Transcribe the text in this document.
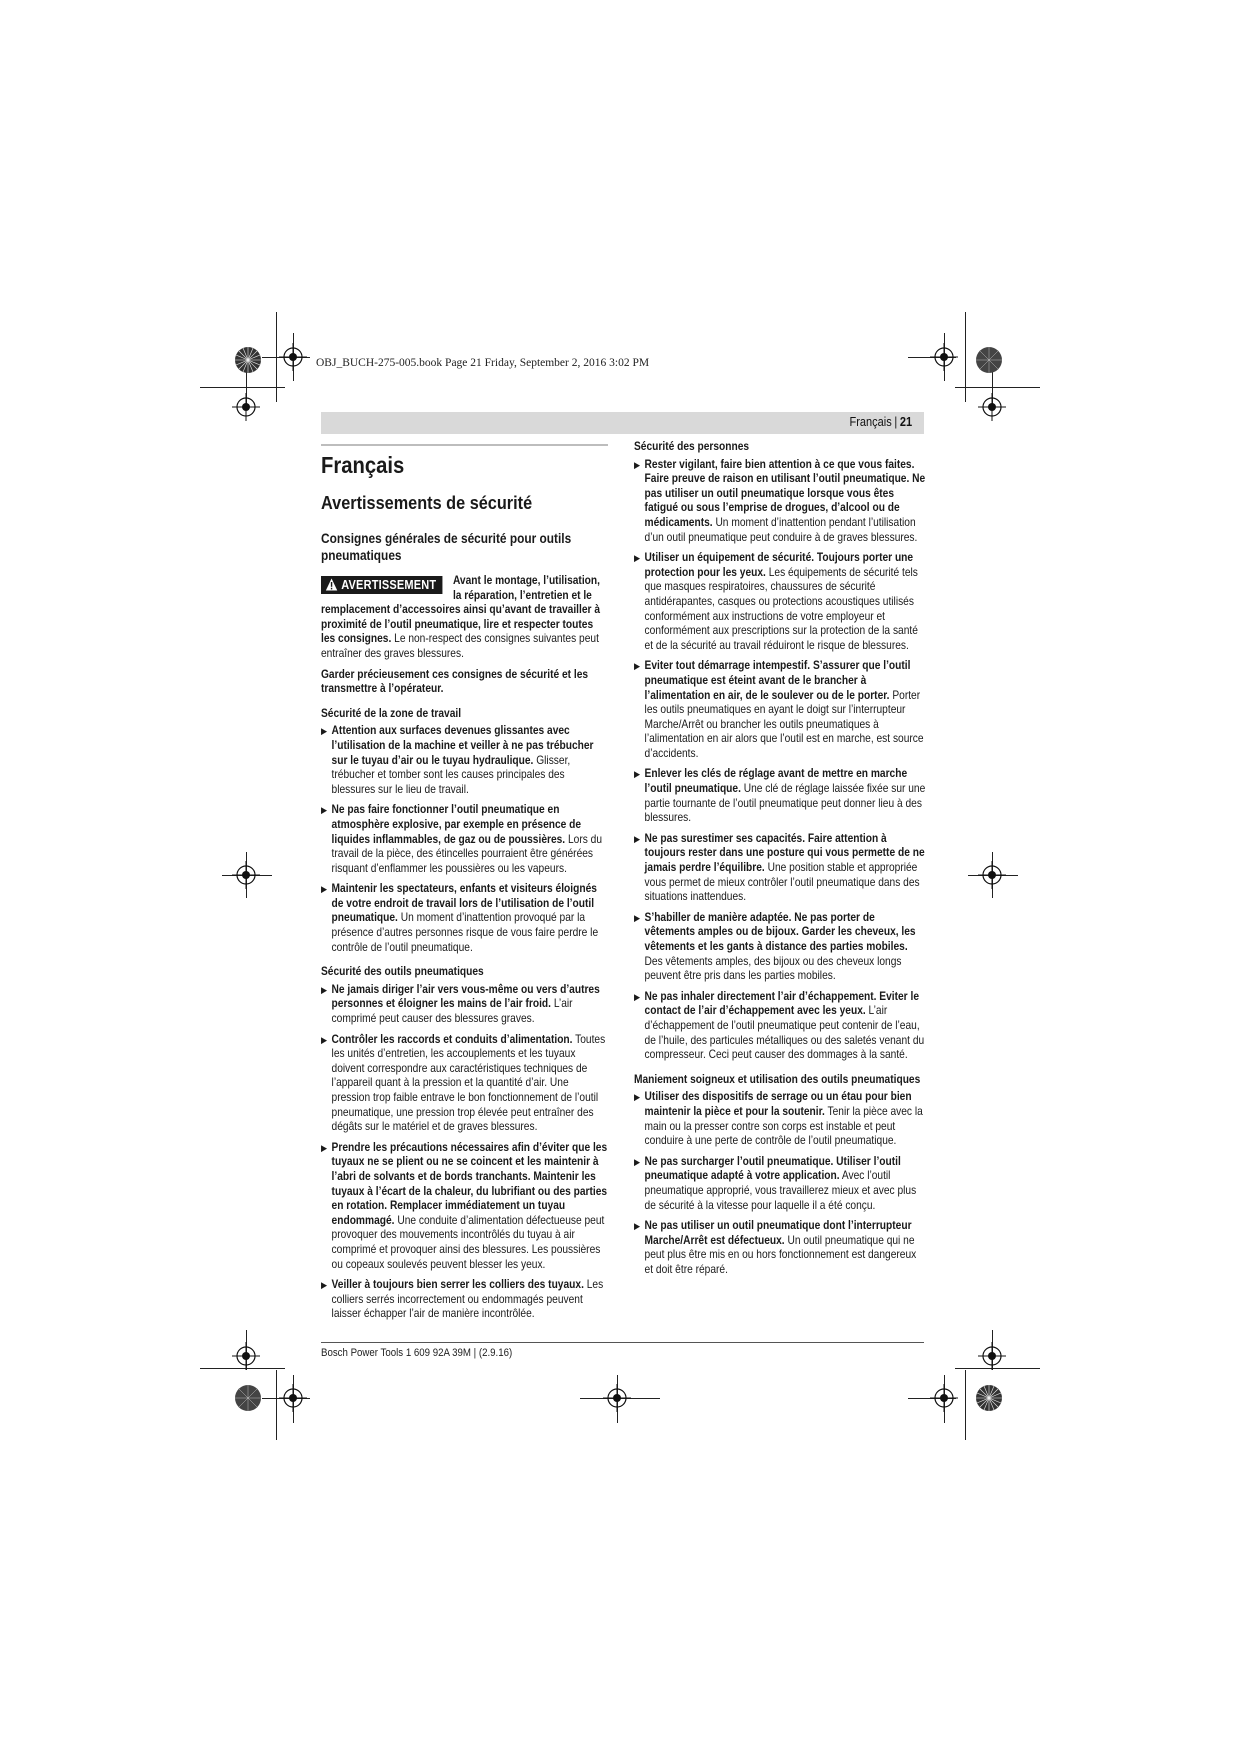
OBJ_BUCH-275-005.book Page 21 Friday, September 2, 2016 3:02 PM
Français | 21
Français
Avertissements de sécurité
Consignes générales de sécurité pour outils pneumatiques
AVERTISSEMENT	Avant le montage, l’utilisation, la réparation, l’entretien et le remplacement d’accessoires ainsi qu’avant de travailler à proximité de l’outil pneumatique, lire et respecter toutes les consignes. Le non-respect des consignes suivantes peut entraîner des graves blessures.
Garder précieusement ces consignes de sécurité et les transmettre à l’opérateur.
Sécurité de la zone de travail
▶ Attention aux surfaces devenues glissantes avec l’utilisation de la machine et veiller à ne pas trébucher sur le tuyau d’air ou le tuyau hydraulique. Glisser, trébucher et tomber sont les causes principales des blessures sur le lieu de travail.
▶ Ne pas faire fonctionner l’outil pneumatique en atmosphère explosive, par exemple en présence de liquides inflammables, de gaz ou de poussières. Lors du travail de la pièce, des étincelles pourraient être générées risquant d’enflammer les poussières ou les vapeurs.
▶ Maintenir les spectateurs, enfants et visiteurs éloignés de votre endroit de travail lors de l’utilisation de l’outil pneumatique. Un moment d’inattention provoqué par la présence d’autres personnes risque de vous faire perdre le contrôle de l’outil pneumatique.
Sécurité des outils pneumatiques
▶ Ne jamais diriger l’air vers vous-même ou vers d’autres personnes et éloigner les mains de l’air froid. L’air comprimé peut causer des blessures graves.
▶ Contrôler les raccords et conduits d’alimentation. Toutes les unités d’entretien, les accouplements et les tuyaux doivent correspondre aux caractéristiques techniques de l’appareil quant à la pression et la quantité d’air. Une pression trop faible entrave le bon fonctionnement de l’outil pneumatique, une pression trop élevée peut entraîner des dégâts sur le matériel et de graves blessures.
▶ Prendre les précautions nécessaires afin d’éviter que les tuyaux ne se plient ou ne se coincent et les maintenir à l’abri de solvants et de bords tranchants. Maintenir les tuyaux à l’écart de la chaleur, du lubrifiant ou des parties en rotation. Remplacer immédiatement un tuyau endommagé. Une conduite d’alimentation défectueuse peut provoquer des mouvements incontrôlés du tuyau à air comprimé et provoquer ainsi des blessures. Les poussières ou copeaux soulevés peuvent blesser les yeux.
▶ Veiller à toujours bien serrer les colliers des tuyaux. Les colliers serrés incorrectement ou endommagés peuvent laisser échapper l’air de manière incontrôlée.
Sécurité des personnes
▶ Rester vigilant, faire bien attention à ce que vous faites. Faire preuve de raison en utilisant l’outil pneumatique. Ne pas utiliser un outil pneumatique lorsque vous êtes fatigué ou sous l’emprise de drogues, d’alcool ou de médicaments. Un moment d’inattention pendant l’utilisation d’un outil pneumatique peut conduire à de graves blessures.
▶ Utiliser un équipement de sécurité. Toujours porter une protection pour les yeux. Les équipements de sécurité tels que masques respiratoires, chaussures de sécurité antidérapantes, casques ou protections acoustiques utilisés conformément aux instructions de votre employeur et conformément aux prescriptions sur la protection de la santé et de la sécurité au travail réduiront le risque de blessures.
▶ Eviter tout démarrage intempestif. S’assurer que l’outil pneumatique est éteint avant de le brancher à l’alimentation en air, de le soulever ou de le porter. Porter les outils pneumatiques en ayant le doigt sur l’interrupteur Marche/Arrêt ou brancher les outils pneumatiques à l’alimentation en air alors que l’outil est en marche, est source d’accidents.
▶ Enlever les clés de réglage avant de mettre en marche l’outil pneumatique. Une clé de réglage laissée fixée sur une partie tournante de l’outil pneumatique peut donner lieu à des blessures.
▶ Ne pas surestimer ses capacités. Faire attention à toujours rester dans une posture qui vous permette de ne jamais perdre l’équilibre. Une position stable et appropriée vous permet de mieux contrôler l’outil pneumatique dans des situations inattendues.
▶ S’habiller de manière adaptée. Ne pas porter de vêtements amples ou de bijoux. Garder les cheveux, les vêtements et les gants à distance des parties mobiles. Des vêtements amples, des bijoux ou des cheveux longs peuvent être pris dans les parties mobiles.
▶ Ne pas inhaler directement l’air d’échappement. Eviter le contact de l’air d’échappement avec les yeux. L’air d’échappement de l’outil pneumatique peut contenir de l’eau, de l’huile, des particules métalliques ou des saletés venant du compresseur. Ceci peut causer des dommages à la santé.
Maniement soigneux et utilisation des outils pneumatiques
▶ Utiliser des dispositifs de serrage ou un étau pour bien maintenir la pièce et pour la soutenir. Tenir la pièce avec la main ou la presser contre son corps est instable et peut conduire à une perte de contrôle de l’outil pneumatique.
▶ Ne pas surcharger l’outil pneumatique. Utiliser l’outil pneumatique adapté à votre application. Avec l’outil pneumatique approprié, vous travaillerez mieux et avec plus de sécurité à la vitesse pour laquelle il a été conçu.
▶ Ne pas utiliser un outil pneumatique dont l’interrupteur Marche/Arrêt est défectueux. Un outil pneumatique qui ne peut plus être mis en ou hors fonctionnement est dangereux et doit être réparé.
Bosch Power Tools 1 609 92A 39M | (2.9.16)
